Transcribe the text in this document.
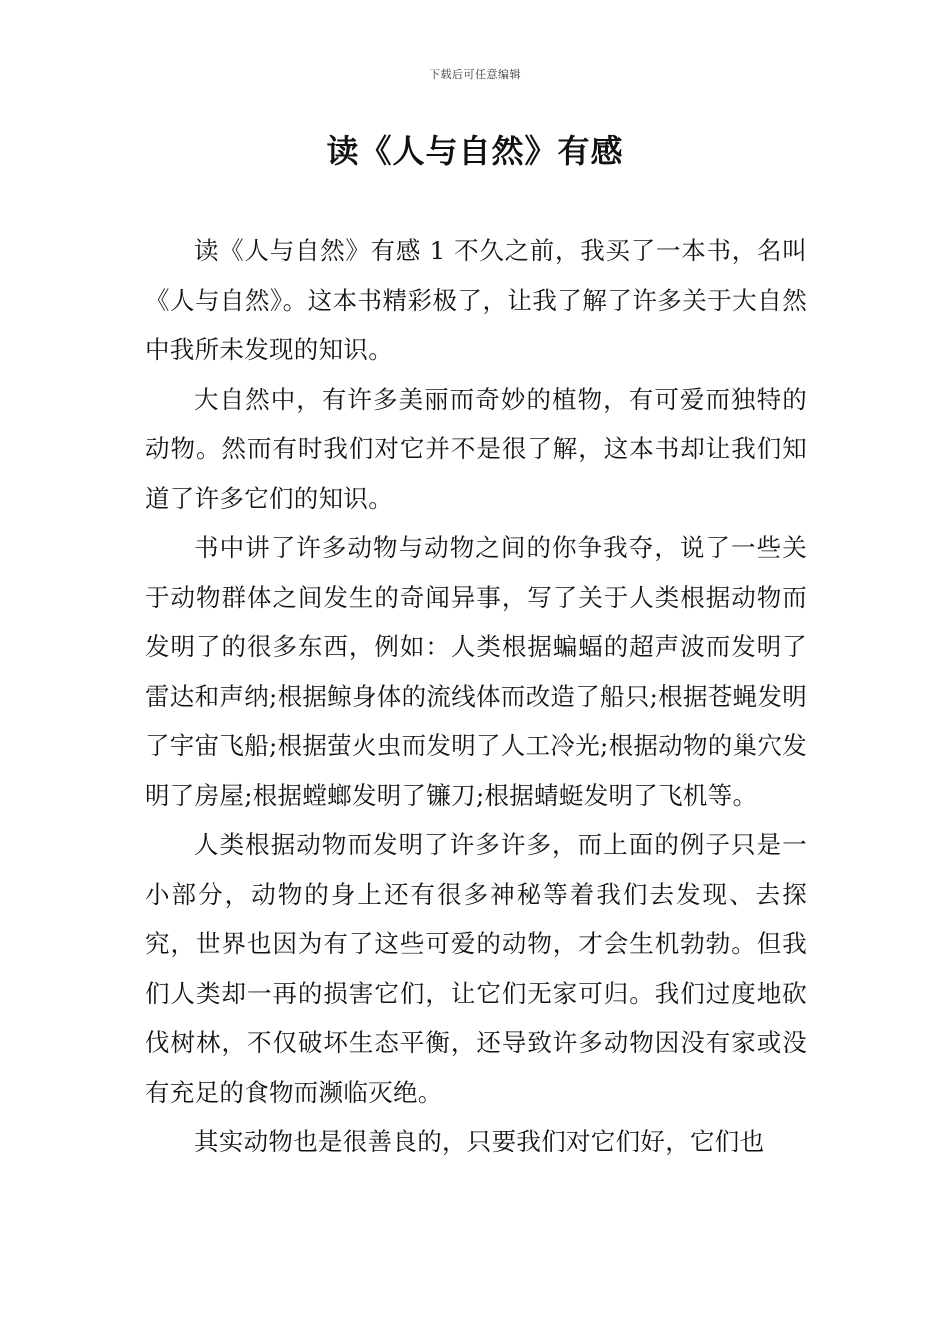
下载后可任意编辑
读《人与自然》有感

读《人与自然》有感 1 不久之前，我买了一本书，名叫《人与自然》。这本书精彩极了，让我了解了许多关于大自然中我所未发现的知识。

大自然中，有许多美丽而奇妙的植物，有可爱而独特的动物。然而有时我们对它并不是很了解，这本书却让我们知道了许多它们的知识。

书中讲了许多动物与动物之间的你争我夺，说了一些关于动物群体之间发生的奇闻异事，写了关于人类根据动物而发明了的很多东西，例如：人类根据蝙蝠的超声波而发明了雷达和声纳;根据鲸身体的流线体而改造了船只;根据苍蝇发明了宇宙飞船;根据萤火虫而发明了人工冷光;根据动物的巢穴发明了房屋;根据螳螂发明了镰刀;根据蜻蜓发明了飞机等。

人类根据动物而发明了许多许多，而上面的例子只是一小部分，动物的身上还有很多神秘等着我们去发现、去探究，世界也因为有了这些可爱的动物，才会生机勃勃。但我们人类却一再的损害它们，让它们无家可归。我们过度地砍伐树林，不仅破坏生态平衡，还导致许多动物因没有家或没有充足的食物而濒临灭绝。

其实动物也是很善良的，只要我们对它们好，它们也
